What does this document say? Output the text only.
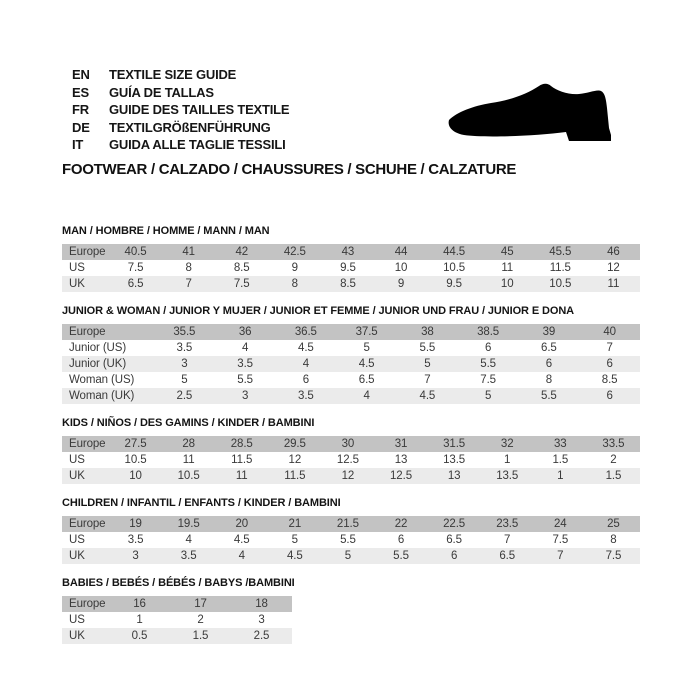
EN	TEXTILE SIZE GUIDE
ES	GUÍA DE TALLAS
FR	GUIDE DES TAILLES TEXTILE
DE	TEXTILGRÖßENFÜHRUNG
IT	GUIDA ALLE TAGLIE TESSILI
FOOTWEAR / CALZADO / CHAUSSURES / SCHUHE / CALZATURE
MAN / HOMBRE / HOMME / MANN / MAN
Europe	40.5	41	42	42.5	43	44	44.5	45	45.5	46
US	7.5	8	8.5	9	9.5	10	10.5	11	11.5	12
UK	6.5	7	7.5	8	8.5	9	9.5	10	10.5	11
JUNIOR & WOMAN / JUNIOR Y MUJER / JUNIOR ET FEMME / JUNIOR UND FRAU / JUNIOR E DONA
Europe	35.5	36	36.5	37.5	38	38.5	39	40
Junior (US)	3.5	4	4.5	5	5.5	6	6.5	7
Junior (UK)	3	3.5	4	4.5	5	5.5	6	6
Woman (US)	5	5.5	6	6.5	7	7.5	8	8.5
Woman (UK)	2.5	3	3.5	4	4.5	5	5.5	6
KIDS / NIÑOS / DES GAMINS / KINDER / BAMBINI
Europe	27.5	28	28.5	29.5	30	31	31.5	32	33	33.5
US	10.5	11	11.5	12	12.5	13	13.5	1	1.5	2
UK	10	10.5	11	11.5	12	12.5	13	13.5	1	1.5
CHILDREN / INFANTIL / ENFANTS / KINDER / BAMBINI
Europe	19	19.5	20	21	21.5	22	22.5	23.5	24	25
US	3.5	4	4.5	5	5.5	6	6.5	7	7.5	8
UK	3	3.5	4	4.5	5	5.5	6	6.5	7	7.5
BABIES / BEBÉS / BÉBÉS / BABYS /BAMBINI
Europe	16	17	18
US	1	2	3
UK	0.5	1.5	2.5
